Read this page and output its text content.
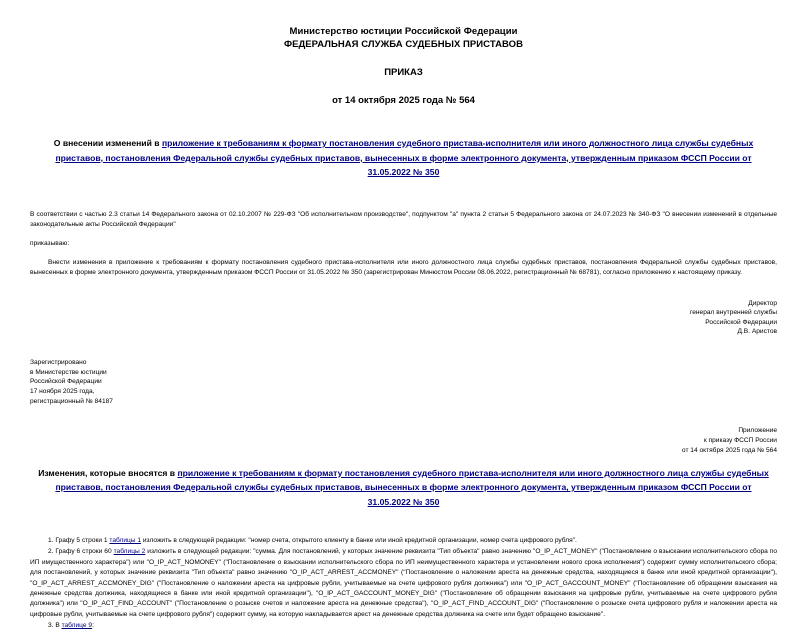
Министерство юстиции Российской Федерации
ФЕДЕРАЛЬНАЯ СЛУЖБА СУДЕБНЫХ ПРИСТАВОВ
ПРИКАЗ
от 14 октября 2025 года № 564
О внесении изменений в приложение к требованиям к формату постановления судебного пристава-исполнителя или иного должностного лица службы судебных приставов, постановления Федеральной службы судебных приставов, вынесенных в форме электронного документа, утвержденным приказом ФССП России от 31.05.2022 № 350

В соответствии с частью 2.3 статьи 14 Федерального закона от 02.10.2007 № 229-ФЗ "Об исполнительном производстве", подпунктом "а" пункта 2 статьи 5 Федерального закона от 24.07.2023 № 340-ФЗ "О внесении изменений в отдельные законодательные акты Российской Федерации"

приказываю:

Внести изменения в приложение к требованиям к формату постановления судебного пристава-исполнителя или иного должностного лица службы судебных приставов, постановления Федеральной службы судебных приставов, вынесенных в форме электронного документа, утвержденным приказом ФССП России от 31.05.2022 № 350 (зарегистрирован Минюстом России 08.06.2022, регистрационный № 68781), согласно приложению к настоящему приказу.

Директор
генерал внутренней службы
Российской Федерации
Д.В. Аристов
Зарегистрировано
в Министерстве юстиции
Российской Федерации
17 ноября 2025 года,
регистрационный № 84187
Приложение
к приказу ФССП России
от 14 октября 2025 года № 564
Изменения, которые вносятся в приложение к требованиям к формату постановления судебного пристава-исполнителя или иного должностного лица службы судебных приставов, постановления Федеральной службы судебных приставов, вынесенных в форме электронного документа, утвержденным приказом ФССП России от 31.05.2022 № 350

1. Графу 5 строки 1 таблицы 1 изложить в следующей редакции: "номер счета, открытого клиенту в банке или иной кредитной организации, номер счета цифрового рубля".

2. Графу 6 строки 60 таблицы 2 изложить в следующей редакции: "сумма. Для постановлений, у которых значение реквизита "Тип объекта" равно значению "O_IP_ACT_MONEY" ("Постановление о взыскании исполнительского сбора по ИП имущественного характера") или "O_IP_ACT_NOMONEY" ("Постановление о взыскании исполнительского сбора по ИП неимущественного характера и установлении нового срока исполнения") содержит сумму исполнительского сбора; для постановлений, у которых значение реквизита "Тип объекта" равно значению "O_IP_ACT_ARREST_ACCMONEY" ("Постановление о наложении ареста на денежные средства, находящиеся в банке или иной кредитной организации"), "O_IP_ACT_ARREST_ACCMONEY_DIG" ("Постановление о наложении ареста на цифровые рубли, учитываемые на счете цифрового рубля должника") или "O_IP_ACT_GACCOUNT_MONEY" ("Постановление об обращении взыскания на денежные средства должника, находящиеся в банке или иной кредитной организации"), "O_IP_ACT_GACCOUNT_MONEY_DIG" ("Постановление об обращении взыскания на цифровые рубли, учитываемые на счете цифрового рубля должника") или "O_IP_ACT_FIND_ACCOUNT" ("Постановление о розыске счетов и наложение ареста на денежные средства"), "O_IP_ACT_FIND_ACCOUNT_DIG" ("Постановление о розыске счета цифрового рубля и наложении ареста на цифровые рубли, учитываемые на счете цифрового рубля") содержит сумму, на которую накладывается арест на денежные средства должника на счете или будет обращено взыскание".

3. В таблице 9:
